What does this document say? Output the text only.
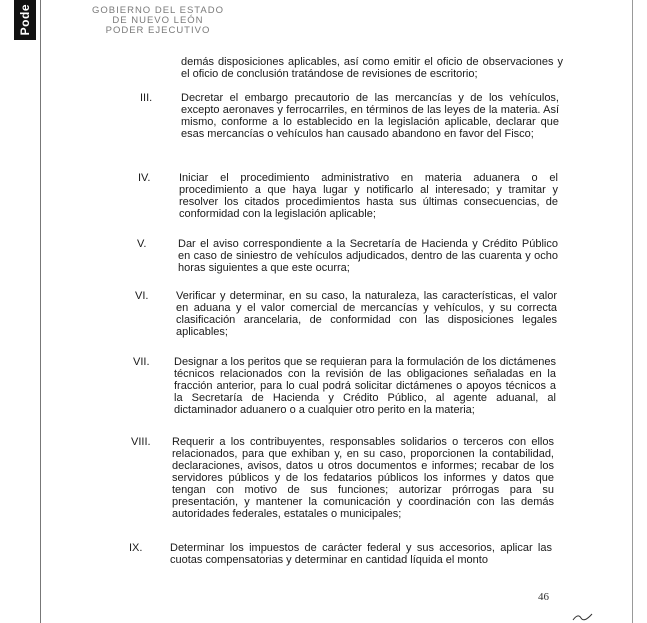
Pode	GOBIERNO DEL ESTADO
DE NUEVO LEÓN
PODER EJECUTIVO
demás disposiciones aplicables, así como emitir el oficio de observaciones y el oficio de conclusión tratándose de revisiones de escritorio;
III.	Decretar el embargo precautorio de las mercancías y de los vehículos, excepto aeronaves y ferrocarriles, en términos de las leyes de la materia. Así mismo, conforme a lo establecido en la legislación aplicable, declarar que esas mercancías o vehículos han causado abandono en favor del Fisco;
IV.	Iniciar el procedimiento administrativo en materia aduanera o el procedimiento a que haya lugar y notificarlo al interesado; y tramitar y resolver los citados procedimientos hasta sus últimas consecuencias, de conformidad con la legislación aplicable;
V.	Dar el aviso correspondiente a la Secretaría de Hacienda y Crédito Público en caso de siniestro de vehículos adjudicados, dentro de las cuarenta y ocho horas siguientes a que este ocurra;
VI.	Verificar y determinar, en su caso, la naturaleza, las características, el valor en aduana y el valor comercial de mercancías y vehículos, y su correcta clasificación arancelaria, de conformidad con las disposiciones legales aplicables;
VII. Designar a los peritos que se requieran para la formulación de los dictámenes técnicos relacionados con la revisión de las obligaciones señaladas en la fracción anterior, para lo cual podrá solicitar dictámenes o apoyos técnicos a la Secretaría de Hacienda y Crédito Público, al agente aduanal, al dictaminador aduanero o a cualquier otro perito en la materia;
VIII. Requerir a los contribuyentes, responsables solidarios o terceros con ellos relacionados, para que exhiban y, en su caso, proporcionen la contabilidad, declaraciones, avisos, datos u otros documentos e informes; recabar de los servidores públicos y de los fedatarios públicos los informes y datos que tengan con motivo de sus funciones; autorizar prórrogas para su presentación, y mantener la comunicación y coordinación con las demás autoridades federales, estatales o municipales;
IX.	Determinar los impuestos de carácter federal y sus accesorios, aplicar las cuotas compensatorias y determinar en cantidad líquida el monto
46
